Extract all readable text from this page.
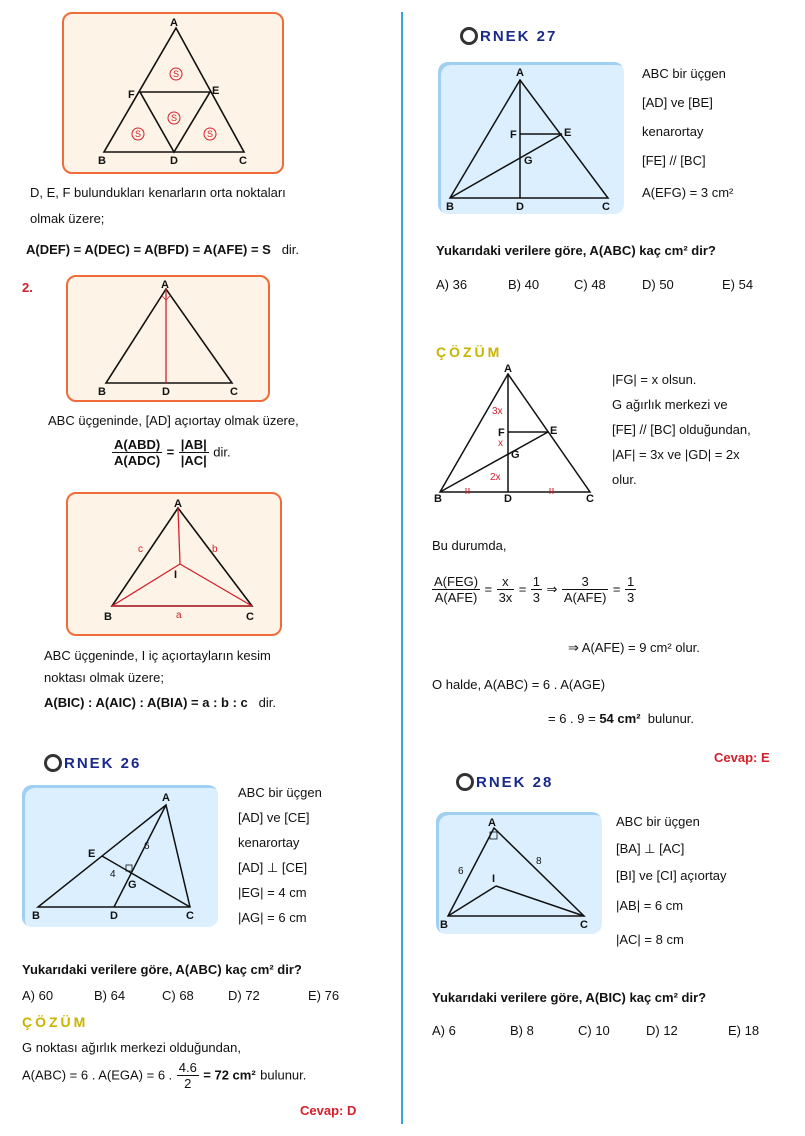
A
B	C
D
E
F
S
S
S	S
D, E, F bulundukları kenarların orta noktaları
olmak üzere;
A(DEF) = A(DEC) = A(BFD) = A(AFE) = S dir.
2.	A
B	C
D
ABC üçgeninde, [AD] açıortay olmak üzere,
$\frac{\text{A(ABD)}}{\text{A(ADC)}} = \frac{|AB|}{|AC|}$ dir.
A
B	C
I
c	b
a
ABC üçgeninde, I iç açıortayların kesim
noktası olmak üzere;
A(BIC) : A(AIC) : A(BIA) = a : b : c dir.
RNEK 26
A
B	C
D
E
G
6
4
ABC bir üçgen
[AD] ve [CE]
kenarortay
[AD] ⊥ [CE]
|EG| = 4 cm
|AG| = 6 cm
Yukarıdaki verilere göre, A(ABC) kaç cm² dir?
A) 60	B) 64	C) 68	D) 72	E) 76
ÇÖZÜM
G noktası ağırlık merkezi olduğundan,
A(ABC) = 6 . A(EGA) = 6 . $\frac{4.6}{2} = 72$ cm² bulunur.
Cevap: D
RNEK 27
A
B	C
D
E
F
G
ABC bir üçgen
[AD] ve [BE]
kenarortay
[FE] // [BC]
A(EFG) = 3 cm²
Yukarıdaki verilere göre, A(ABC) kaç cm² dir?
A) 36	B) 40	C) 48	D) 50	E) 54
ÇÖZÜM
A
B	C
D
E
F
G
3x
x
2x
|FG| = x olsun.
G ağırlık merkezi ve
[FE] // [BC] olduğundan,
|AF| = 3x ve |GD| = 2x
olur.
Bu durumda,
$\frac{\text{A(FEG)}}{\text{A(AFE)}} = \frac{x}{3x} = \frac{1}{3}$ ⇒ $\frac{3}{\text{A(AFE)}} = \frac{1}{3}$
⇒ A(AFE) = 9 cm² olur.
O halde, A(ABC) = 6 . A(AGE)
= 6 . 9 = 54 cm² bulunur.
Cevap: E
RNEK 28
A
B	C
I
6
8
ABC bir üçgen
[BA] ⊥ [AC]
[BI] ve [CI] açıortay
|AB| = 6 cm
|AC| = 8 cm
Yukarıdaki verilere göre, A(BIC) kaç cm² dir?
A) 6	B) 8	C) 10	D) 12	E) 18
